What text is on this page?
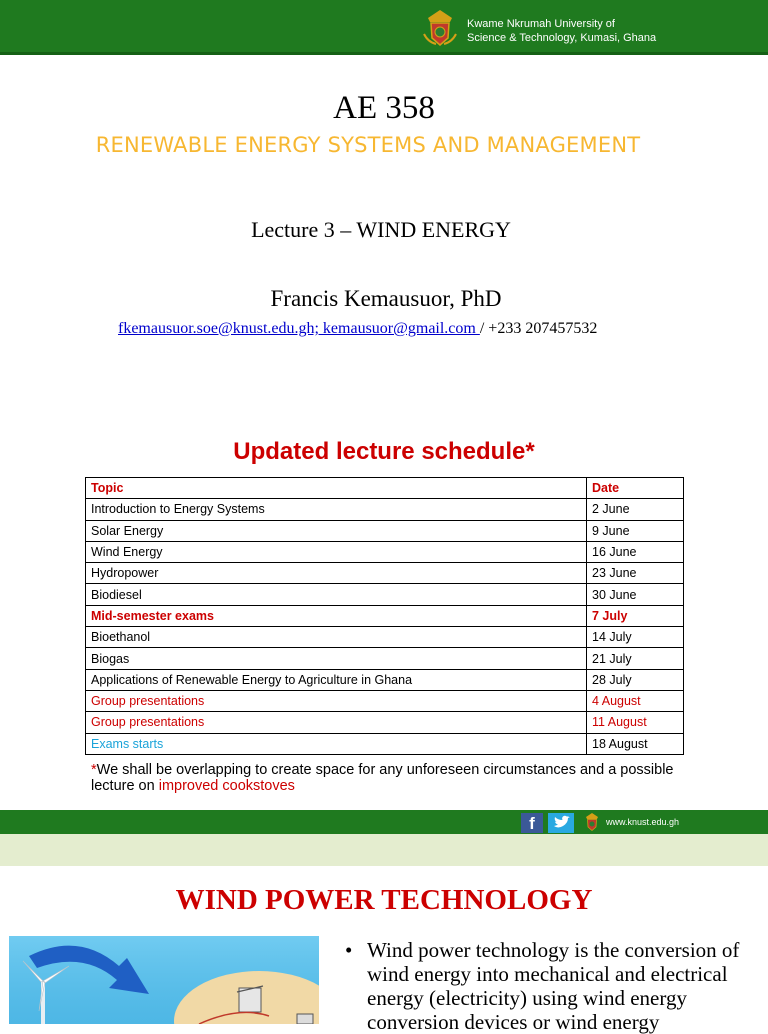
Kwame Nkrumah University of
Science & Technology, Kumasi, Ghana
AE 358
RENEWABLE ENERGY SYSTEMS AND MANAGEMENT
Lecture 3 – WIND ENERGY
Francis Kemausuor, PhD
fkemausuor.soe@knust.edu.gh; kemausuor@gmail.com / +233 207457532
Updated lecture schedule*
Topic	Date
Introduction to Energy Systems	2 June
Solar Energy	9 June
Wind Energy	16 June
Hydropower	23 June
Biodiesel	30 June
Mid-semester exams	7 July
Bioethanol	14 July
Biogas	21 July
Applications of Renewable Energy to Agriculture in Ghana	28 July
Group presentations	4 August
Group presentations	11 August
Exams starts	18 August
*We shall be overlapping to create space for any unforeseen circumstances and a possible lecture on improved cookstoves
f	www.knust.edu.gh
WIND POWER TECHNOLOGY
• Wind power technology is the conversion of wind energy into mechanical and electrical energy (electricity) using wind energy conversion devices or wind energy
